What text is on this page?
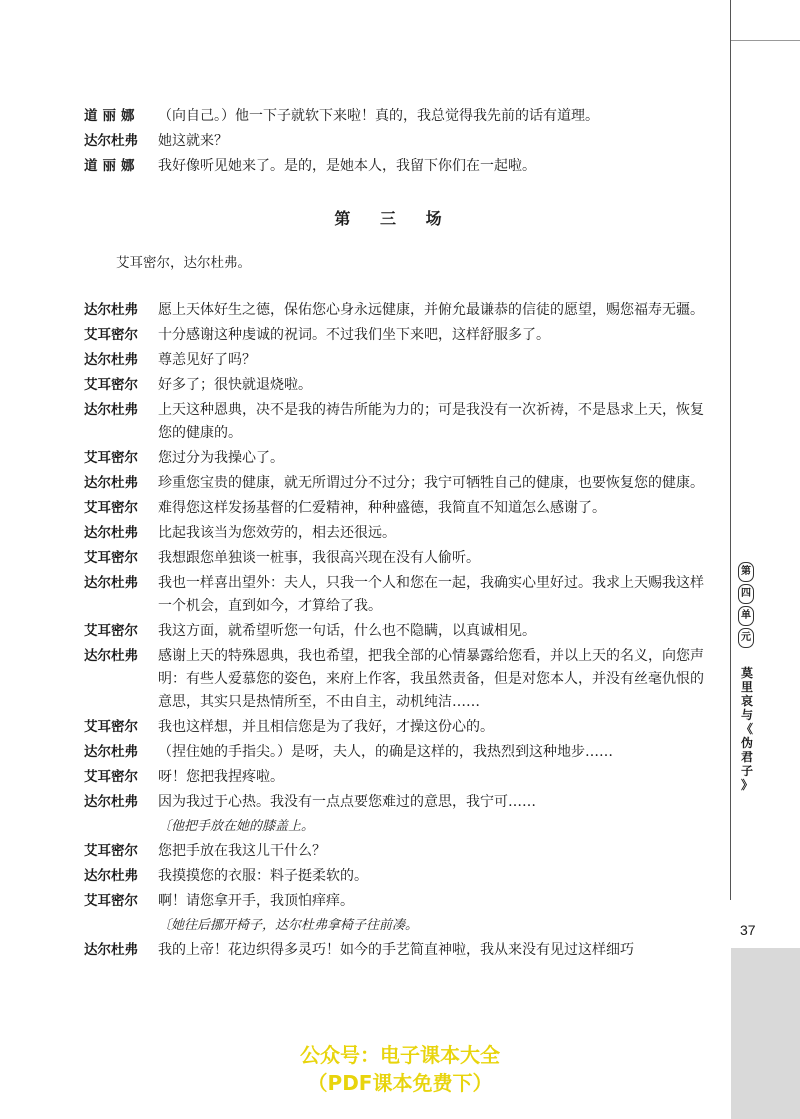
第
四
单
元
莫
里
哀
与
《
伪
君
子
》
37
道丽娜	（向自己。）他一下子就软下来啦！真的，我总觉得我先前的话有道理。
达尔杜弗	她这就来？
道丽娜	我好像听见她来了。是的，是她本人，我留下你们在一起啦。
第 三 场
艾耳密尔，达尔杜弗。
达尔杜弗	愿上天体好生之德，保佑您心身永远健康，并俯允最谦恭的信徒的愿望，赐您福寿无疆。
艾耳密尔	十分感谢这种虔诚的祝词。不过我们坐下来吧，这样舒服多了。
达尔杜弗	尊恙见好了吗？
艾耳密尔	好多了；很快就退烧啦。
达尔杜弗	上天这种恩典，决不是我的祷告所能为力的；可是我没有一次祈祷，不是恳求上天，恢复您的健康的。
艾耳密尔	您过分为我操心了。
达尔杜弗	珍重您宝贵的健康，就无所谓过分不过分；我宁可牺牲自己的健康，也要恢复您的健康。
艾耳密尔	难得您这样发扬基督的仁爱精神，种种盛德，我简直不知道怎么感谢了。
达尔杜弗	比起我该当为您效劳的，相去还很远。
艾耳密尔	我想跟您单独谈一桩事，我很高兴现在没有人偷听。
达尔杜弗	我也一样喜出望外：夫人，只我一个人和您在一起，我确实心里好过。我求上天赐我这样一个机会，直到如今，才算给了我。
艾耳密尔	我这方面，就希望听您一句话，什么也不隐瞒，以真诚相见。
达尔杜弗	感谢上天的特殊恩典，我也希望，把我全部的心情暴露给您看，并以上天的名义，向您声明：有些人爱慕您的姿色，来府上作客，我虽然责备，但是对您本人，并没有丝毫仇恨的意思，其实只是热情所至，不由自主，动机纯洁……
艾耳密尔	我也这样想，并且相信您是为了我好，才操这份心的。
达尔杜弗	（捏住她的手指尖。）是呀，夫人，的确是这样的，我热烈到这种地步……
艾耳密尔	呀！您把我捏疼啦。
达尔杜弗	因为我过于心热。我没有一点点要您难过的意思，我宁可……
〔他把手放在她的膝盖上。
艾耳密尔	您把手放在我这儿干什么？
达尔杜弗	我摸摸您的衣服：料子挺柔软的。
艾耳密尔	啊！请您拿开手，我顶怕痒痒。
〔她往后挪开椅子，达尔杜弗拿椅子往前凑。
达尔杜弗	我的上帝！花边织得多灵巧！如今的手艺简直神啦，我从来没有见过这样细巧
公众号：电子课本大全
（PDF课本免费下）
